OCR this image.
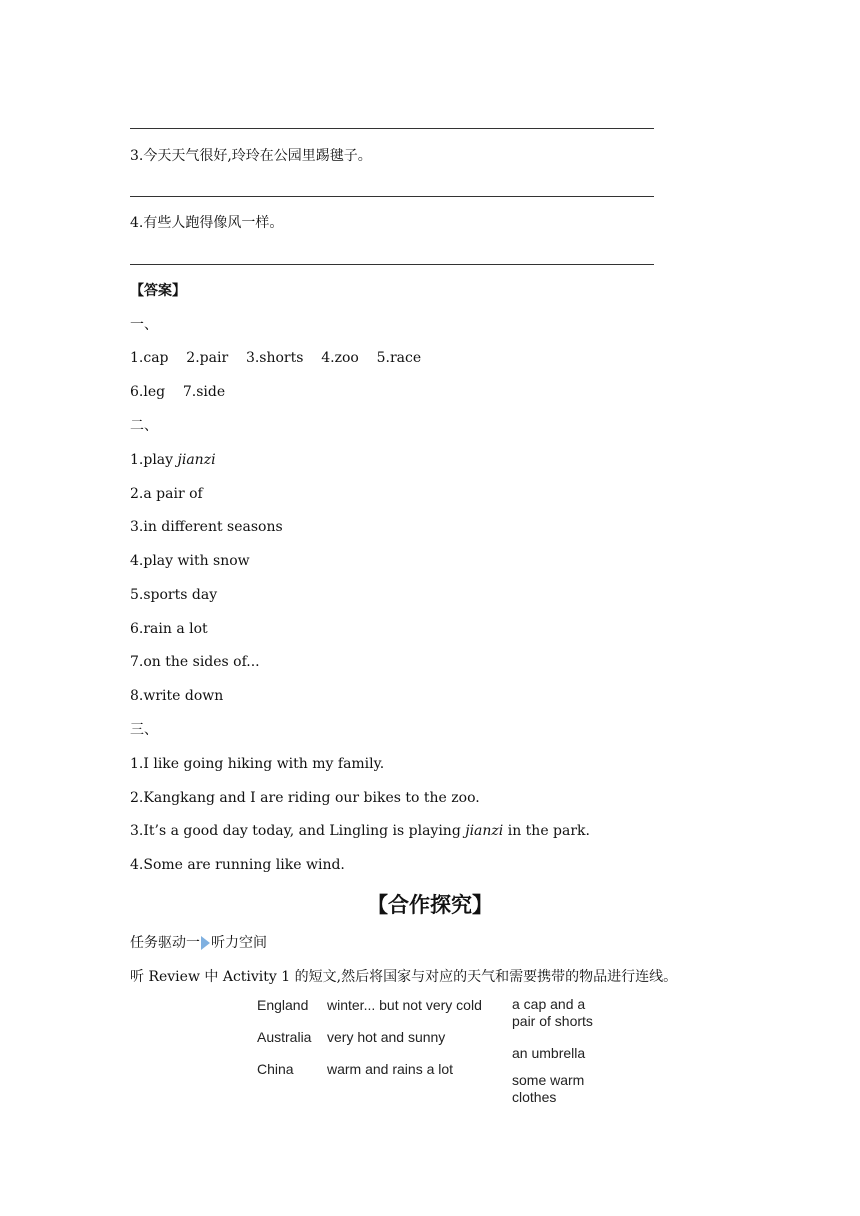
3.今天天气很好,玲玲在公园里踢毽子。
4.有些人跑得像风一样。
【答案】
一、
1.cap    2.pair    3.shorts    4.zoo    5.race
6.leg    7.side
二、
1.play jianzi
2.a pair of
3.in different seasons
4.play with snow
5.sports day
6.rain a lot
7.on the sides of...
8.write down
三、
1.I like going hiking with my family.
2.Kangkang and I are riding our bikes to the zoo.
3.It’s a good day today, and Lingling is playing jianzi in the park.
4.Some are running like wind.
【合作探究】
任务驱动一 听力空间
听 Review 中 Activity 1 的短文,然后将国家与对应的天气和需要携带的物品进行连线。
England
Australia
China
winter... but not very cold
very hot and sunny
warm and rains a lot
a cap and a pair of shorts
an umbrella
some warm clothes
